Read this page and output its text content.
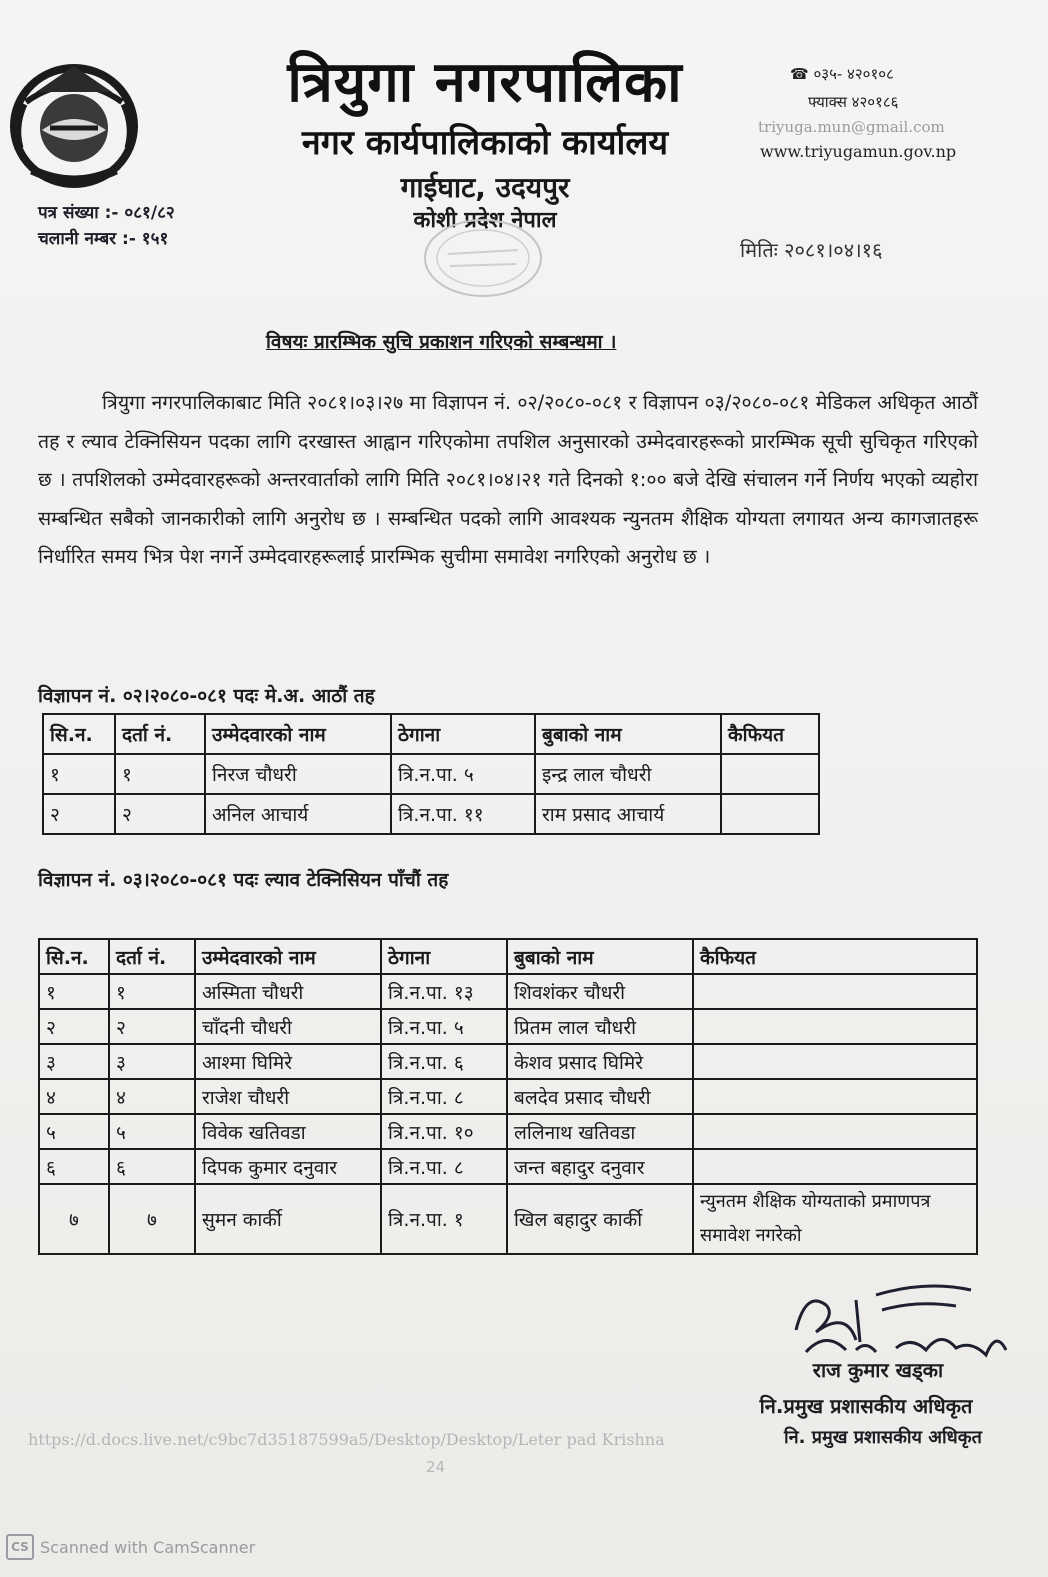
त्रियुगा नगरपालिका
नगर कार्यपालिकाको कार्यालय
गाईघाट, उदयपुर
कोशी प्रदेश नेपाल
☎ ०३५- ४२०१०८
फ्याक्स ४२०१८६
triyuga.mun@gmail.com
www.triyugamun.gov.np
पत्र संख्या :- ०८१/८२
चलानी नम्बर :- १५१	मितिः २०८१।०४।१६
विषयः प्रारम्भिक सुचि प्रकाशन गरिएको सम्बन्धमा ।
त्रियुगा नगरपालिकाबाट मिति २०८१।०३।२७ मा विज्ञापन नं. ०२/२०८०-०८१ र विज्ञापन ०३/२०८०-०८१ मेडिकल अधिकृत आठौं तह र ल्याव टेक्निसियन पदका लागि दरखास्त आह्वान गरिएकोमा तपशिल अनुसारको उम्मेदवारहरूको प्रारम्भिक सूची सुचिकृत गरिएको छ । तपशिलको उम्मेदवारहरूको अन्तरवार्ताको लागि मिति २०८१।०४।२१ गते दिनको १:०० बजे देखि संचालन गर्ने निर्णय भएको व्यहोरा सम्बन्धित सबैको जानकारीको लागि अनुरोध छ । सम्बन्धित पदको लागि आवश्यक न्युनतम शैक्षिक योग्यता लगायत अन्य कागजातहरू निर्धारित समय भित्र पेश नगर्ने उम्मेदवारहरूलाई प्रारम्भिक सुचीमा समावेश नगरिएको अनुरोध छ ।
विज्ञापन नं. ०२।२०८०-०८१ पदः मे.अ. आठौं तह
सि.न.	दर्ता नं.	उम्मेदवारको नाम	ठेगाना	बुबाको नाम	कैफियत
१	१	निरज चौधरी	त्रि.न.पा. ५	इन्द्र लाल चौधरी	
२	२	अनिल आचार्य	त्रि.न.पा. ११	राम प्रसाद आचार्य	
विज्ञापन नं. ०३।२०८०-०८१ पदः ल्याव टेक्निसियन पाँचौं तह
सि.न.	दर्ता नं.	उम्मेदवारको नाम	ठेगाना	बुबाको नाम	कैफियत
१	१	अस्मिता चौधरी	त्रि.न.पा. १३	शिवशंकर चौधरी	
२	२	चाँदनी चौधरी	त्रि.न.पा. ५	प्रितम लाल चौधरी	
३	३	आश्मा घिमिरे	त्रि.न.पा. ६	केशव प्रसाद घिमिरे	
४	४	राजेश चौधरी	त्रि.न.पा. ८	बलदेव प्रसाद चौधरी	
५	५	विवेक खतिवडा	त्रि.न.पा. १०	ललिनाथ खतिवडा	
६	६	दिपक कुमार दनुवार	त्रि.न.पा. ८	जन्त बहादुर दनुवार	
७	७	सुमन कार्की	त्रि.न.पा. १	खिल बहादुर कार्की	न्युनतम शैक्षिक योग्यताको प्रमाणपत्र समावेश नगरेको
राज कुमार खड्का
नि.प्रमुख प्रशासकीय अधिकृत
https://d.docs.live.net/c9bc7d35187599a5/Desktop/Desktop/Leter pad Krishna	नि. प्रमुख प्रशासकीय अधिकृत
24
CS Scanned with CamScanner
